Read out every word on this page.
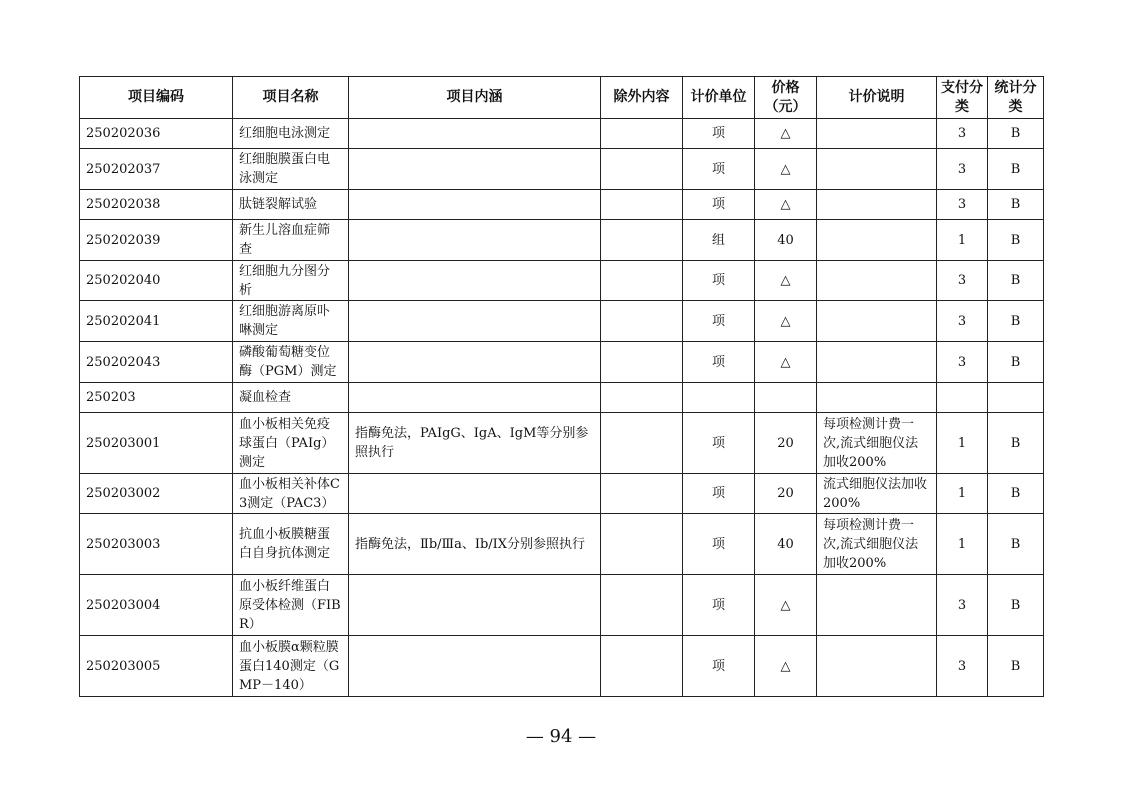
项目编码	项目名称	项目内涵	除外内容	计价单位	价格（元）	计价说明	支付分类	统计分类
250202036	红细胞电泳测定			项	△		3	B
250202037	红细胞膜蛋白电泳测定			项	△		3	B
250202038	肽链裂解试验			项	△		3	B
250202039	新生儿溶血症筛查			组	40		1	B
250202040	红细胞九分图分析			项	△		3	B
250202041	红细胞游离原卟啉测定			项	△		3	B
250202043	磷酸葡萄糖变位酶（PGM）测定			项	△		3	B
250203	凝血检查							
250203001	血小板相关免疫球蛋白（PAIg）测定	指酶免法，PAIgG、IgA、IgM等分别参照执行		项	20	每项检测计费一次,流式细胞仪法加收200%	1	B
250203002	血小板相关补体C3测定（PAC3）			项	20	流式细胞仪法加收200%	1	B
250203003	抗血小板膜糖蛋白自身抗体测定	指酶免法，Ⅱb/Ⅲa、Ⅰb/IX分别参照执行		项	40	每项检测计费一次,流式细胞仪法加收200%	1	B
250203004	血小板纤维蛋白原受体检测（FIBR）			项	△		3	B
250203005	血小板膜α颗粒膜蛋白140测定（GMP－140）			项	△		3	B
— 94 —
